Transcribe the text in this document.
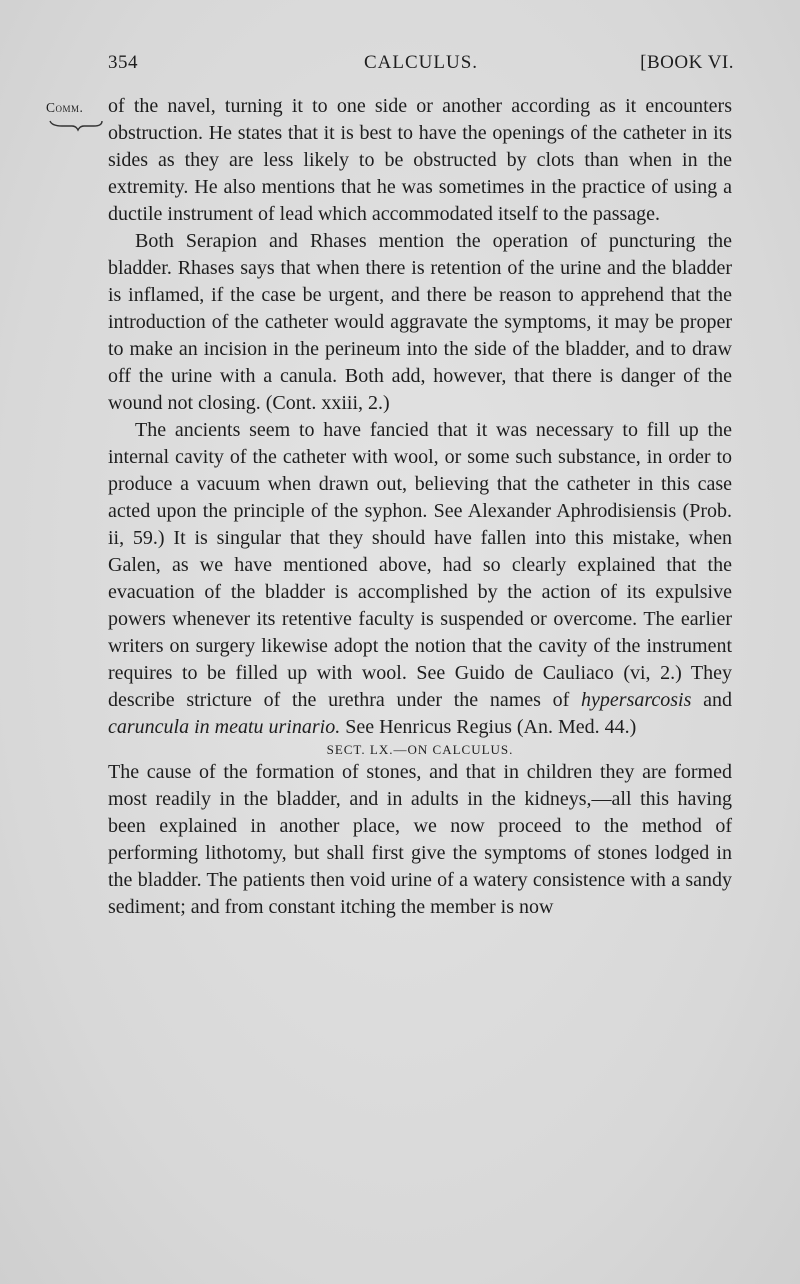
354	CALCULUS.	[BOOK VI.
Comm. of the navel, turning it to one side or another according as it encounters obstruction. He states that it is best to have the openings of the catheter in its sides as they are less likely to be obstructed by clots than when in the extremity. He also mentions that he was sometimes in the practice of using a ductile instrument of lead which accommodated itself to the passage.

Both Serapion and Rhases mention the operation of puncturing the bladder. Rhases says that when there is retention of the urine and the bladder is inflamed, if the case be urgent, and there be reason to apprehend that the introduction of the catheter would aggravate the symptoms, it may be proper to make an incision in the perineum into the side of the bladder, and to draw off the urine with a canula. Both add, however, that there is danger of the wound not closing. (Cont. xxiii, 2.)

The ancients seem to have fancied that it was necessary to fill up the internal cavity of the catheter with wool, or some such substance, in order to produce a vacuum when drawn out, believing that the catheter in this case acted upon the principle of the syphon. See Alexander Aphrodisiensis (Prob. ii, 59.) It is singular that they should have fallen into this mistake, when Galen, as we have mentioned above, had so clearly explained that the evacuation of the bladder is accomplished by the action of its expulsive powers whenever its retentive faculty is suspended or overcome. The earlier writers on surgery likewise adopt the notion that the cavity of the instrument requires to be filled up with wool. See Guido de Cauliaco (vi, 2.) They describe stricture of the urethra under the names of hypersarcosis and caruncula in meatu urinario. See Henricus Regius (An. Med. 44.)

SECT. LX.—ON CALCULUS.

The cause of the formation of stones, and that in children they are formed most readily in the bladder, and in adults in the kidneys,—all this having been explained in another place, we now proceed to the method of performing lithotomy, but shall first give the symptoms of stones lodged in the bladder. The patients then void urine of a watery consistence with a sandy sediment; and from constant itching the member is now
